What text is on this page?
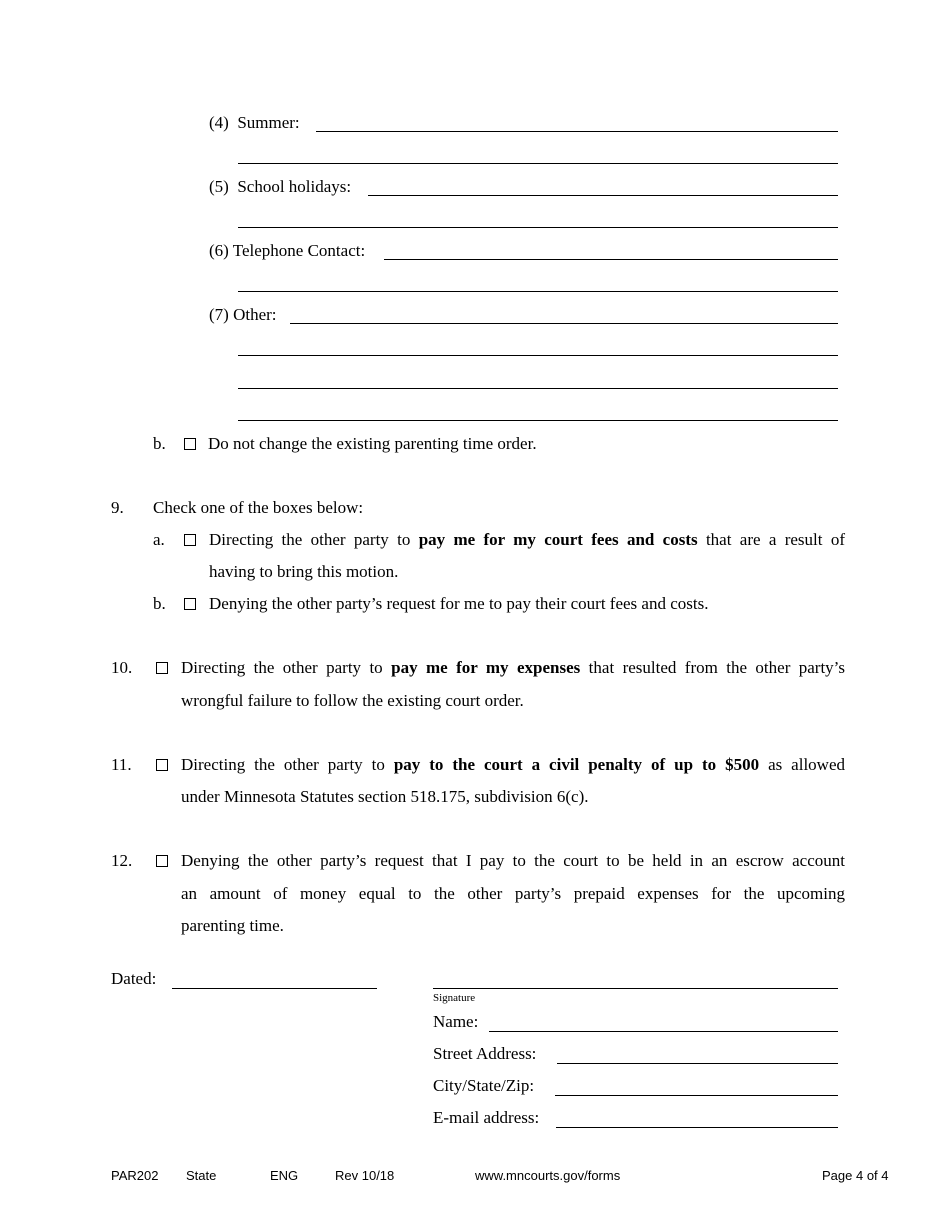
(4) Summer:
(5) School holidays:
(6) Telephone Contact:
(7) Other:
b. Do not change the existing parenting time order.
9. Check one of the boxes below:
a.	Directing the other party to pay me for my court fees and costs that are a result of
having to bring this motion.
b.	Denying the other party’s request for me to pay their court fees and costs.
10.	Directing the other party to pay me for my expenses that resulted from the other party’s
wrongful failure to follow the existing court order.
11.	Directing the other party to pay to the court a civil penalty of up to $500 as allowed
under Minnesota Statutes section 518.175, subdivision 6(c).
12.	Denying the other party’s request that I pay to the court to be held in an escrow account
an amount of money equal to the other party’s prepaid expenses for the upcoming
parenting time.
Dated:
Signature
Name:
Street Address:
City/State/Zip:
E-mail address:
PAR202 State	ENG	Rev 10/18	www.mncourts.gov/forms	Page 4 of 4
